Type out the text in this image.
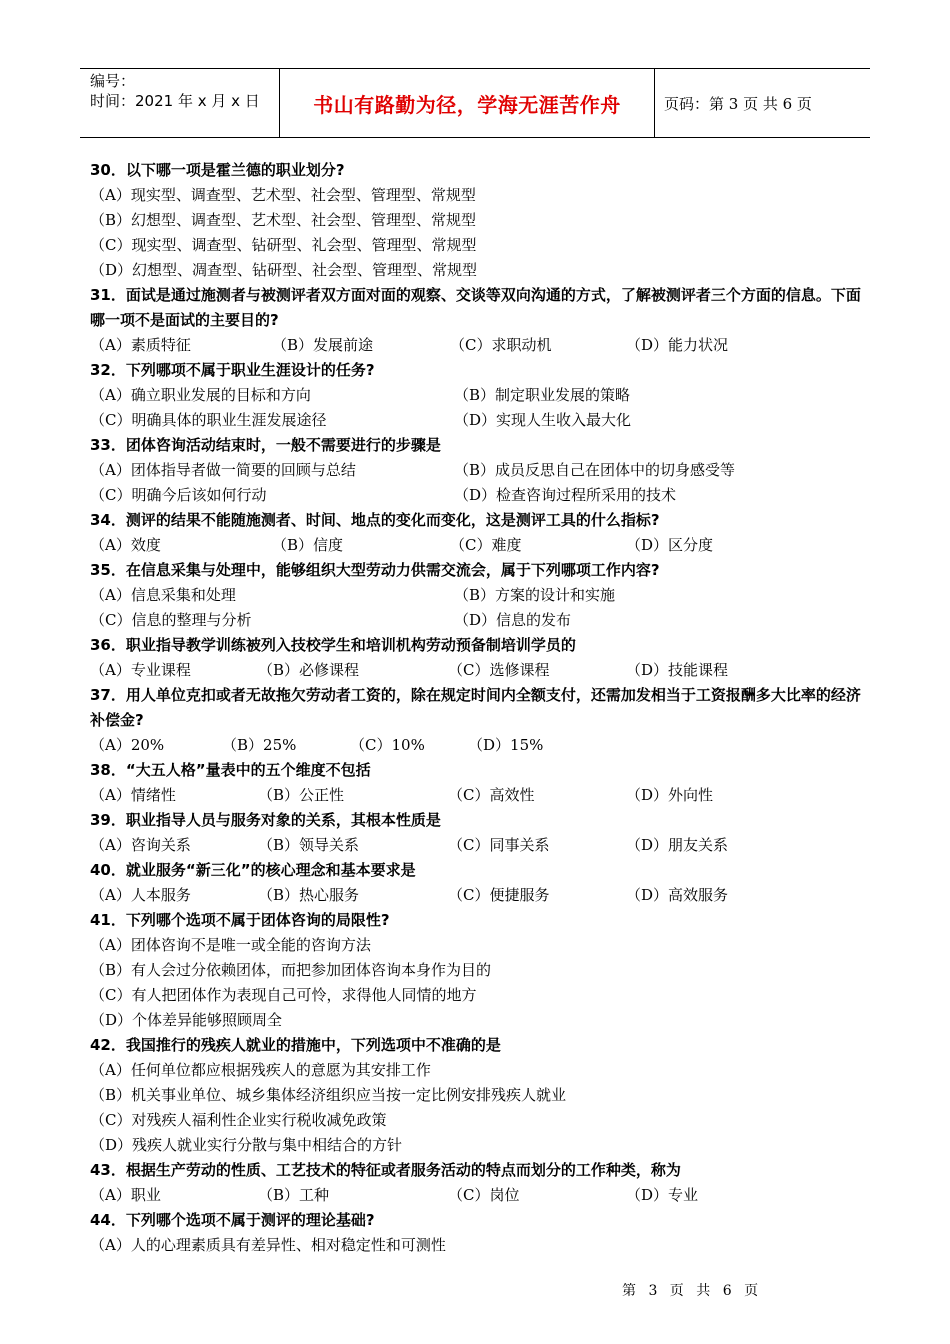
编号：
时间：2021 年 x 月 x 日	书山有路勤为径，学海无涯苦作舟	页码：第 3 页 共 6 页
30．以下哪一项是霍兰德的职业划分?
（A）现实型、调查型、艺术型、社会型、管理型、常规型
（B）幻想型、调查型、艺术型、社会型、管理型、常规型
（C）现实型、调查型、钻研型、礼会型、管理型、常规型
（D）幻想型、凋查型、钻研型、社会型、管理型、常规型
31．面试是通过施测者与被测评者双方面对面的观察、交谈等双向沟通的方式，了解被测评者三个方面的信息。下面哪一项不是面试的主要目的?
（A）素质特征	（B）发展前途	（C）求职动机	（D）能力状况
32．下列哪项不属于职业生涯设计的任务?
（A）确立职业发展的目标和方向	（B）制定职业发展的策略
（C）明确具体的职业生涯发展途径	（D）实现人生收入最大化
33．团体咨询活动结束时，一般不需要进行的步骤是
（A）团体指导者做一简要的回顾与总结	（B）成员反思自己在团体中的切身感受等
（C）明确今后该如何行动	（D）检查咨询过程所采用的技术
34．测评的结果不能随施测者、时间、地点的变化而变化，这是测评工具的什么指标?
（A）效度	（B）信度	（C）难度	（D）区分度
35．在信息采集与处理中，能够组织大型劳动力供需交流会，属于下列哪项工作内容?
（A）信息采集和处理	（B）方案的设计和实施
（C）信息的整理与分析	（D）信息的发布
36．职业指导教学训练被列入技校学生和培训机构劳动预备制培训学员的
（A）专业课程	（B）必修课程	（C）选修课程	（D）技能课程
37．用人单位克扣或者无故拖欠劳动者工资的，除在规定时间内全额支付，还需加发相当于工资报酬多大比率的经济补偿金?
（A）20%	（B）25%	（C）10%	（D）15%
38．“大五人格”量表中的五个维度不包括
（A）情绪性	（B）公正性	（C）高效性	（D）外向性
39．职业指导人员与服务对象的关系，其根本性质是
（A）咨询关系	（B）领导关系	（C）同事关系	（D）朋友关系
40．就业服务“新三化”的核心理念和基本要求是
（A）人本服务	（B）热心服务	（C）便捷服务	（D）高效服务
41．下列哪个选项不属于团体咨询的局限性?
（A）团体咨询不是唯一或全能的咨询方法
（B）有人会过分依赖团体，而把参加团体咨询本身作为目的
（C）有人把团体作为表现自己可怜，求得他人同情的地方
（D）个体差异能够照顾周全
42．我国推行的残疾人就业的措施中，下列选项中不准确的是
（A）任何单位都应根据残疾人的意愿为其安排工作
（B）机关事业单位、城乡集体经济组织应当按一定比例安排残疾人就业
（C）对残疾人福利性企业实行税收减免政策
（D）残疾人就业实行分散与集中相结合的方针
43．根据生产劳动的性质、工艺技术的特征或者服务活动的特点而划分的工作种类，称为
（A）职业	（B）工种	（C）岗位	（D）专业
44．下列哪个选项不属于测评的理论基础?
（A）人的心理素质具有差异性、相对稳定性和可测性
第 3 页 共 6 页
